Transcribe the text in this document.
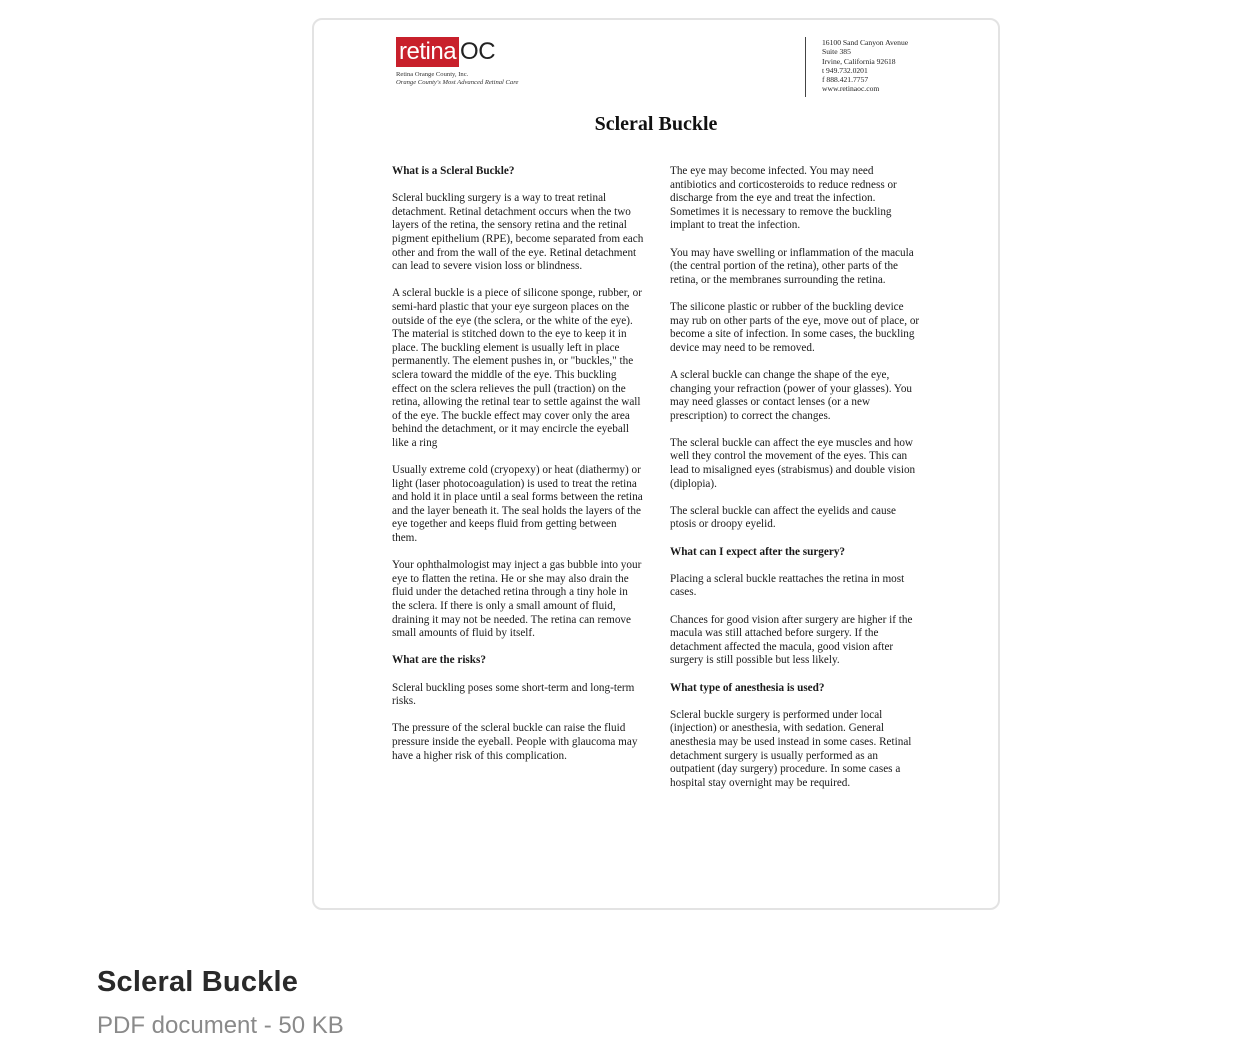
retina OC
Retina Orange County, Inc.
Orange County's Most Advanced Retinal Care
16100 Sand Canyon Avenue
Suite 385
Irvine, California 92618
t 949.732.0201
f 888.421.7757
www.retinaoc.com
Scleral Buckle
What is a Scleral Buckle?

Scleral buckling surgery is a way to treat retinal detachment. Retinal detachment occurs when the two layers of the retina, the sensory retina and the retinal pigment epithelium (RPE), become separated from each other and from the wall of the eye. Retinal detachment can lead to severe vision loss or blindness.

A scleral buckle is a piece of silicone sponge, rubber, or semi-hard plastic that your eye surgeon places on the outside of the eye (the sclera, or the white of the eye). The material is stitched down to the eye to keep it in place. The buckling element is usually left in place permanently. The element pushes in, or "buckles," the sclera toward the middle of the eye. This buckling effect on the sclera relieves the pull (traction) on the retina, allowing the retinal tear to settle against the wall of the eye. The buckle effect may cover only the area behind the detachment, or it may encircle the eyeball like a ring

Usually extreme cold (cryopexy) or heat (diathermy) or light (laser photocoagulation) is used to treat the retina and hold it in place until a seal forms between the retina and the layer beneath it. The seal holds the layers of the eye together and keeps fluid from getting between them.

Your ophthalmologist may inject a gas bubble into your eye to flatten the retina. He or she may also drain the fluid under the detached retina through a tiny hole in the sclera. If there is only a small amount of fluid, draining it may not be needed. The retina can remove small amounts of fluid by itself.

What are the risks?

Scleral buckling poses some short-term and long-term risks.

The pressure of the scleral buckle can raise the fluid pressure inside the eyeball. People with glaucoma may have a higher risk of this complication.

The eye may become infected. You may need antibiotics and corticosteroids to reduce redness or discharge from the eye and treat the infection. Sometimes it is necessary to remove the buckling implant to treat the infection.

You may have swelling or inflammation of the macula (the central portion of the retina), other parts of the retina, or the membranes surrounding the retina.

The silicone plastic or rubber of the buckling device may rub on other parts of the eye, move out of place, or become a site of infection. In some cases, the buckling device may need to be removed.

A scleral buckle can change the shape of the eye, changing your refraction (power of your glasses). You may need glasses or contact lenses (or a new prescription) to correct the changes.

The scleral buckle can affect the eye muscles and how well they control the movement of the eyes. This can lead to misaligned eyes (strabismus) and double vision (diplopia).

The scleral buckle can affect the eyelids and cause ptosis or droopy eyelid.

What can I expect after the surgery?

Placing a scleral buckle reattaches the retina in most cases.

Chances for good vision after surgery are higher if the macula was still attached before surgery. If the detachment affected the macula, good vision after surgery is still possible but less likely.

What type of anesthesia is used?

Scleral buckle surgery is performed under local (injection) or anesthesia, with sedation. General anesthesia may be used instead in some cases. Retinal detachment surgery is usually performed as an outpatient (day surgery) procedure. In some cases a hospital stay overnight may be required.

Scleral Buckle
PDF document - 50 KB
